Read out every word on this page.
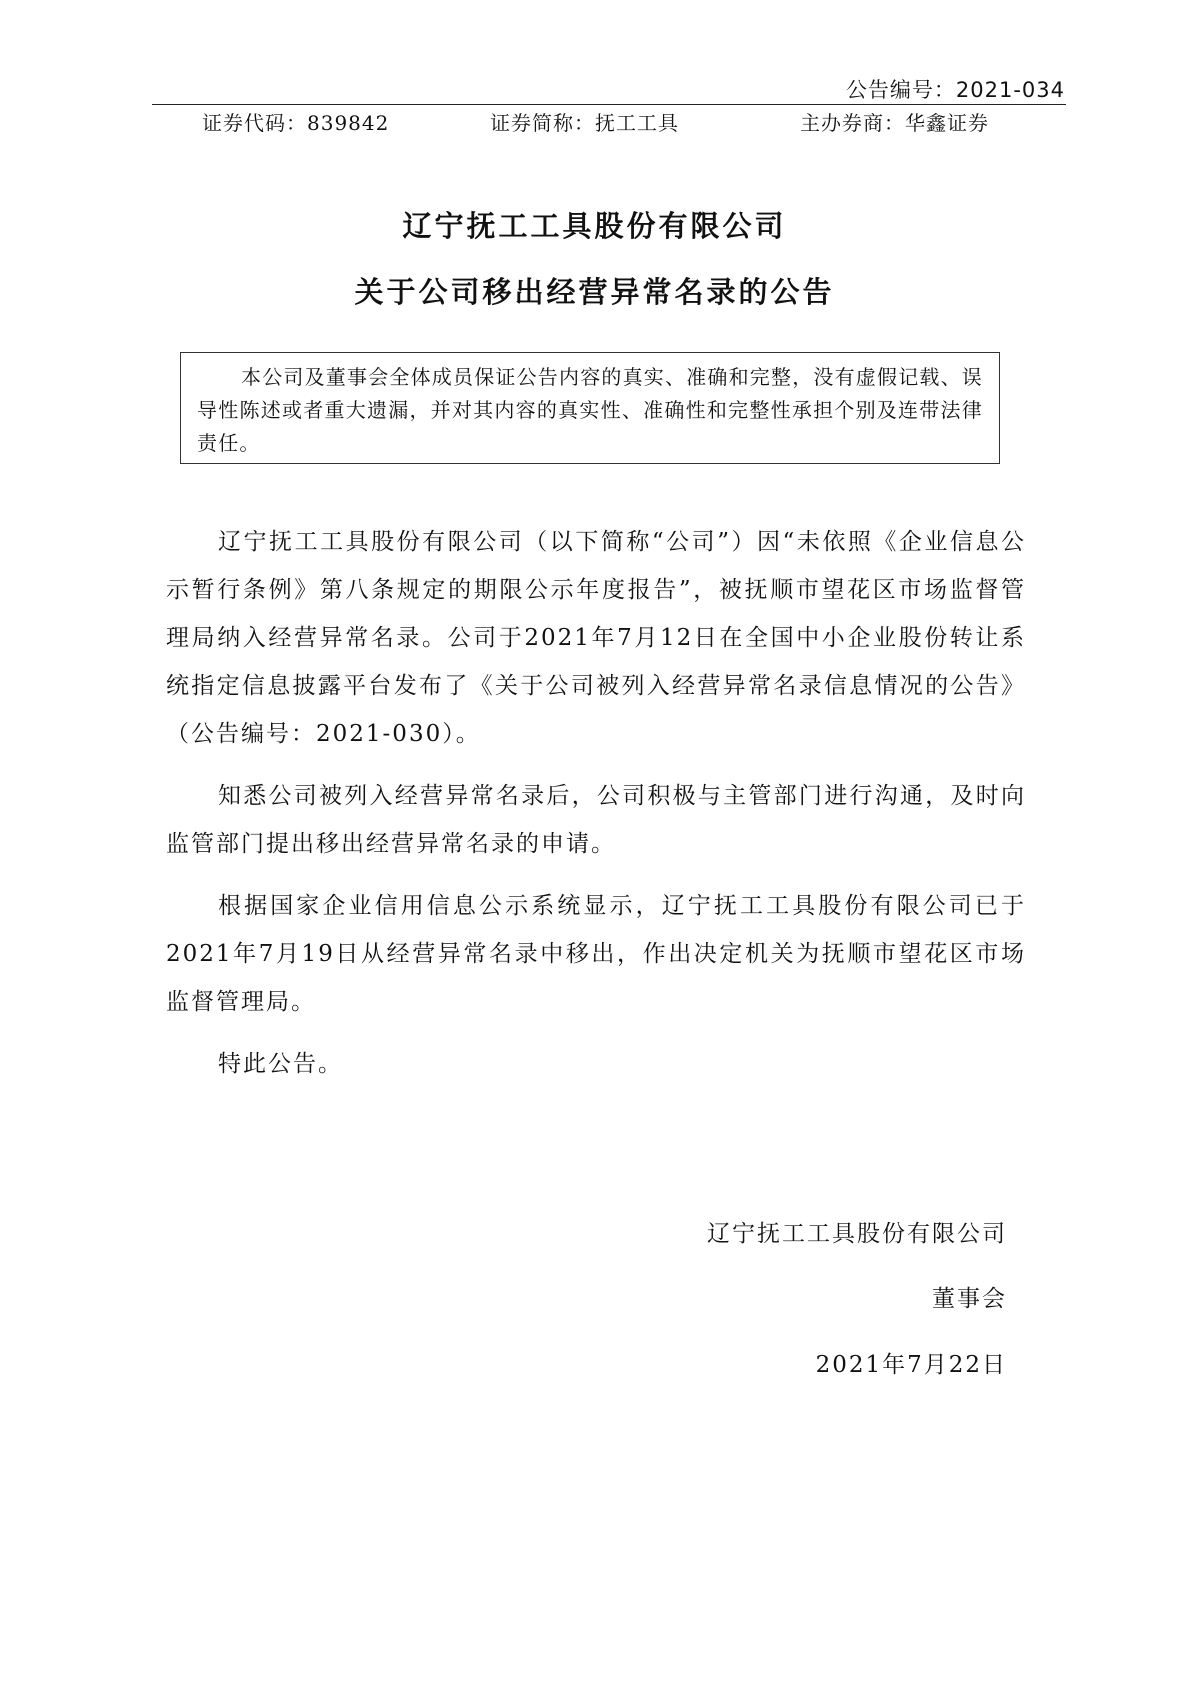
公告编号：2021-034
证券代码：839842	证券简称：抚工工具	主办券商：华鑫证券
辽宁抚工工具股份有限公司
关于公司移出经营异常名录的公告
本公司及董事会全体成员保证公告内容的真实、准确和完整，没有虚假记载、误导性陈述或者重大遗漏，并对其内容的真实性、准确性和完整性承担个别及连带法律责任。

辽宁抚工工具股份有限公司（以下简称“公司”）因“未依照《企业信息公示暂行条例》第八条规定的期限公示年度报告”，被抚顺市望花区市场监督管理局纳入经营异常名录。公司于2021年7月12日在全国中小企业股份转让系统指定信息披露平台发布了《关于公司被列入经营异常名录信息情况的公告》（公告编号：2021-030）。

知悉公司被列入经营异常名录后，公司积极与主管部门进行沟通，及时向监管部门提出移出经营异常名录的申请。

根据国家企业信用信息公示系统显示，辽宁抚工工具股份有限公司已于2021年7月19日从经营异常名录中移出，作出决定机关为抚顺市望花区市场监督管理局。

特此公告。

辽宁抚工工具股份有限公司
董事会
2021年7月22日
